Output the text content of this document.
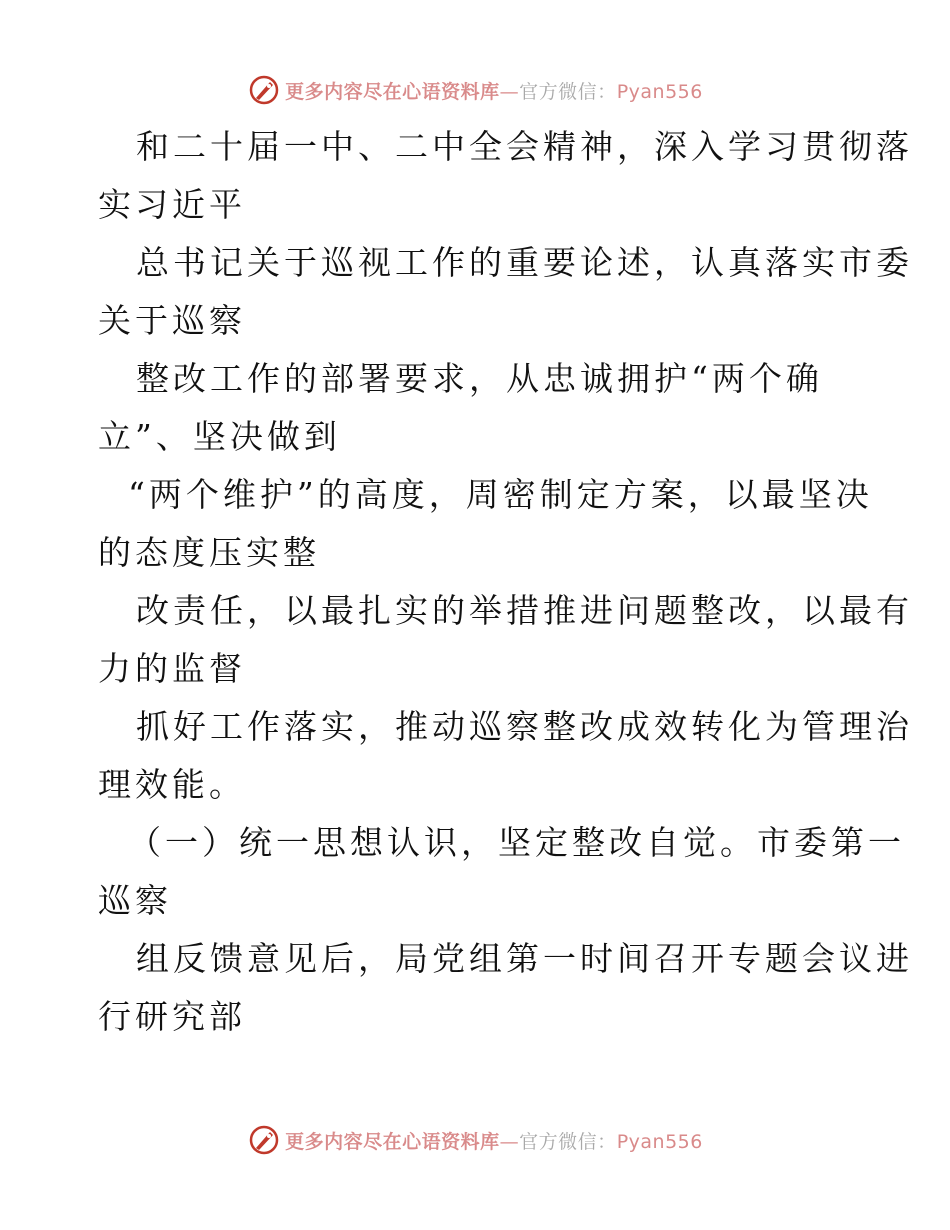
更多内容尽在心语资料库—官方微信：Pyan556
和二十届一中、二中全会精神，深入学习贯彻落
实习近平
总书记关于巡视工作的重要论述，认真落实市委
关于巡察
整改工作的部署要求，从忠诚拥护“两个确
立”、坚决做到
“两个维护”的高度，周密制定方案，以最坚决
的态度压实整
改责任，以最扎实的举措推进问题整改，以最有
力的监督
抓好工作落实，推动巡察整改成效转化为管理治
理效能。
（一）统一思想认识，坚定整改自觉。市委第一
巡察
组反馈意见后，局党组第一时间召开专题会议进
行研究部
更多内容尽在心语资料库—官方微信：Pyan556
